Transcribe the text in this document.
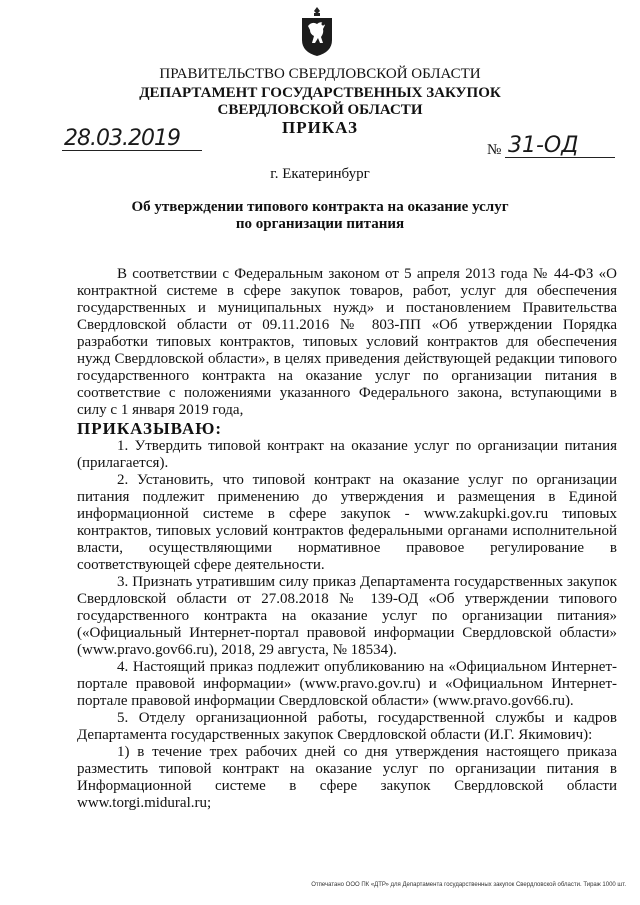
ПРАВИТЕЛЬСТВО СВЕРДЛОВСКОЙ ОБЛАСТИ
ДЕПАРТАМЕНТ ГОСУДАРСТВЕННЫХ ЗАКУПОК
СВЕРДЛОВСКОЙ ОБЛАСТИ
ПРИКАЗ
28.03.2019	№ 31-ОД
г. Екатеринбург
Об утверждении типового контракта на оказание услуг
по организации питания

В соответствии с Федеральным законом от 5 апреля 2013 года № 44-ФЗ «О контрактной системе в сфере закупок товаров, работ, услуг для обеспечения государственных и муниципальных нужд» и постановлением Правительства Свердловской области от 09.11.2016 № 803-ПП «Об утверждении Порядка разработки типовых контрактов, типовых условий контрактов для обеспечения нужд Свердловской области», в целях приведения действующей редакции типового государственного контракта на оказание услуг по организации питания в соответствие с положениями указанного Федерального закона, вступающими в силу с 1 января 2019 года,

ПРИКАЗЫВАЮ:

1. Утвердить типовой контракт на оказание услуг по организации питания (прилагается).

2. Установить, что типовой контракт на оказание услуг по организации питания подлежит применению до утверждения и размещения в Единой информационной системе в сфере закупок - www.zakupki.gov.ru типовых контрактов, типовых условий контрактов федеральными органами исполнительной власти, осуществляющими нормативное правовое регулирование в соответствующей сфере деятельности.

3. Признать утратившим силу приказ Департамента государственных закупок Свердловской области от 27.08.2018 № 139-ОД «Об утверждении типового государственного контракта на оказание услуг по организации питания» («Официальный Интернет-портал правовой информации Свердловской области» (www.pravo.gov66.ru), 2018, 29 августа, № 18534).

4. Настоящий приказ подлежит опубликованию на «Официальном Интернет-портале правовой информации» (www.pravo.gov.ru) и «Официальном Интернет-портале правовой информации Свердловской области» (www.pravo.gov66.ru).

5. Отделу организационной работы, государственной службы и кадров Департамента государственных закупок Свердловской области (И.Г. Якимович):

1) в течение трех рабочих дней со дня утверждения настоящего приказа разместить типовой контракт на оказание услуг по организации питания в Информационной системе в сфере закупок Свердловской области www.torgi.midural.ru;

Отпечатано ООО ПК «ДТР» для Департамента государственных закупок Свердловской области. Тираж 1000 шт.
